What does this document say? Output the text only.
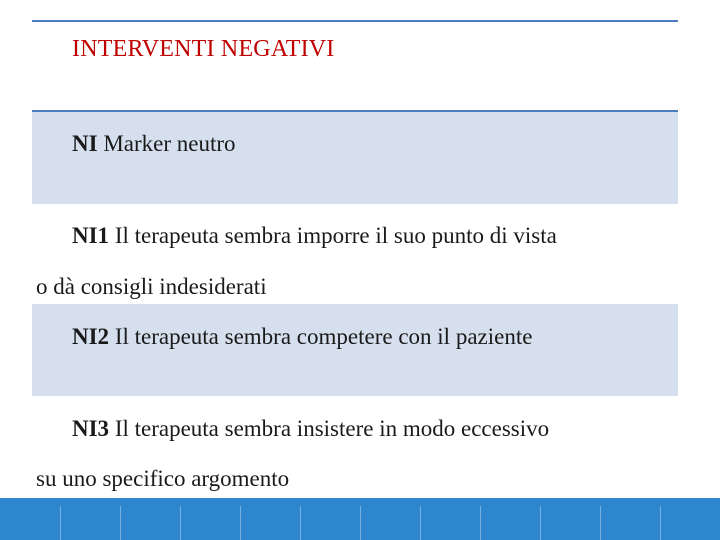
INTERVENTI NEGATIVI
NI Marker neutro
NI1 Il terapeuta sembra imporre il suo punto di vista
o dà consigli indesiderati
NI2 Il terapeuta sembra competere con il paziente
NI3 Il terapeuta sembra insistere in modo eccessivo
su uno specifico argomento
